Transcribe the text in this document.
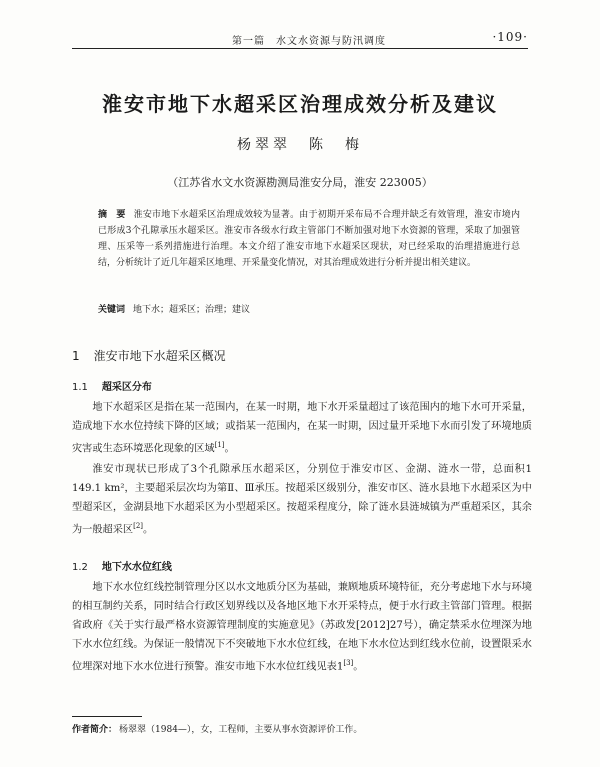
第一篇　水文水资源与防汛调度	·109·
淮安市地下水超采区治理成效分析及建议
杨翠翠　陈　梅
（江苏省水文水资源勘测局淮安分局，淮安 223005）
摘　要 淮安市地下水超采区治理成效较为显著。由于初期开采布局不合理并缺乏有效管理，淮安市境内已形成3个孔隙承压水超采区。淮安市各级水行政主管部门不断加强对地下水资源的管理，采取了加强管理、压采等一系列措施进行治理。本文介绍了淮安市地下水超采区现状，对已经采取的治理措施进行总结，分析统计了近几年超采区地理、开采量变化情况，对其治理成效进行分析并提出相关建议。
关键词 地下水；超采区；治理；建议
1 淮安市地下水超采区概况
1.1 超采区分布
地下水超采区是指在某一范围内，在某一时期，地下水开采量超过了该范围内的地下水可开采量，造成地下水水位持续下降的区域；或指某一范围内，在某一时期，因过量开采地下水而引发了环境地质灾害或生态环境恶化现象的区域[1]。
淮安市现状已形成了3个孔隙承压水超采区，分别位于淮安市区、金湖、涟水一带，总面积1 149.1 km²，主要超采层次均为第Ⅱ、Ⅲ承压。按超采区级别分，淮安市区、涟水县地下水超采区为中型超采区，金湖县地下水超采区为小型超采区。按超采程度分，除了涟水县涟城镇为严重超采区，其余为一般超采区[2]。
1.2 地下水水位红线
地下水水位红线控制管理分区以水文地质分区为基础，兼顾地质环境特征，充分考虑地下水与环境的相互制约关系，同时结合行政区划界线以及各地区地下水开采特点，便于水行政主管部门管理。根据省政府《关于实行最严格水资源管理制度的实施意见》（苏政发[2012]27号），确定禁采水位埋深为地下水水位红线。为保证一般情况下不突破地下水水位红线，在地下水水位达到红线水位前，设置限采水位埋深对地下水水位进行预警。淮安市地下水水位红线见表1[3]。
作者简介： 杨翠翠（1984—），女，工程师，主要从事水资源评价工作。
